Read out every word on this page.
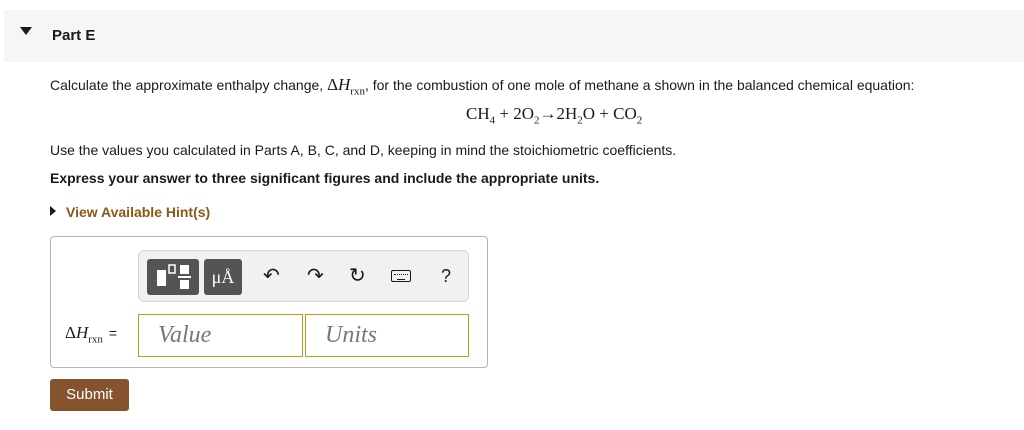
Part E
Calculate the approximate enthalpy change, $\Delta H_{rxn}$, for the combustion of one mole of methane a shown in the balanced chemical equation:
$CH_4 + 2O_2\to 2H_2O + CO_2$
Use the values you calculated in Parts A, B, C, and D, keeping in mind the stoichiometric coefficients.
Express your answer to three significant figures and include the appropriate units.
View Available Hint(s)
μÅ	↶ ↷ ↻	?
$\Delta H_{rxn}$ = Value	Units
Submit
